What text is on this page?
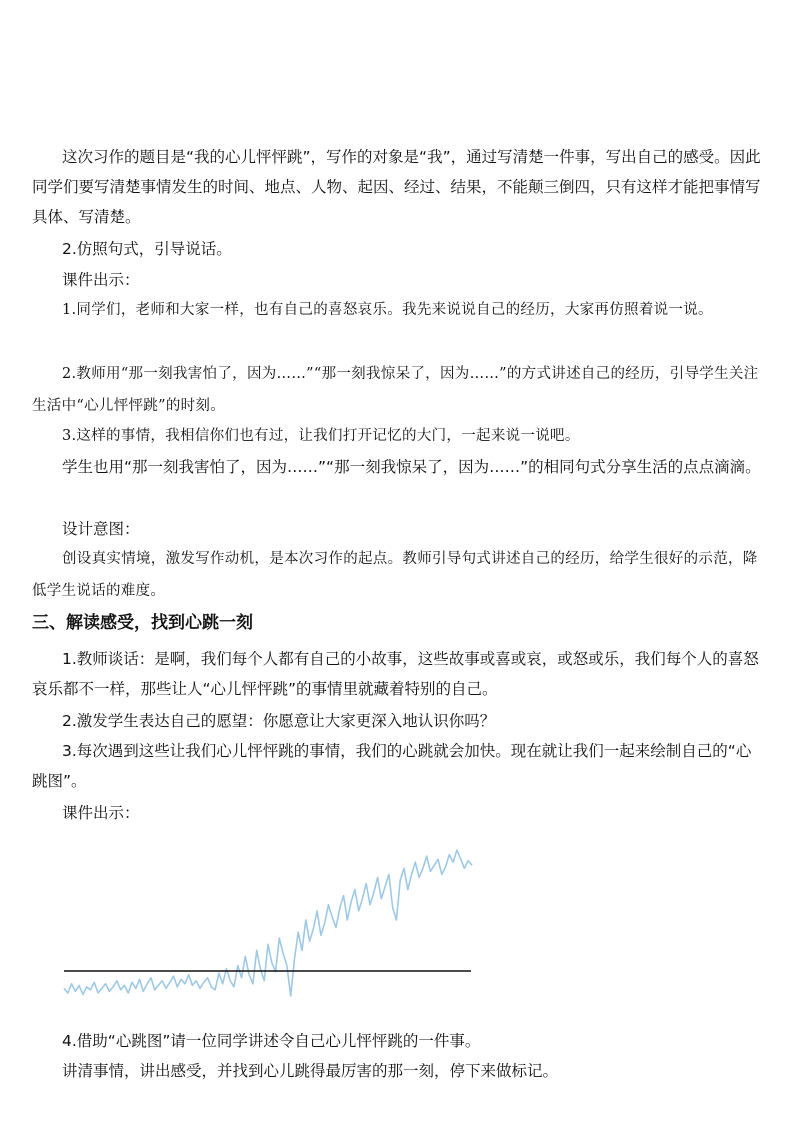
这次习作的题目是“我的心儿怦怦跳”，写作的对象是“我”，通过写清楚一件事，写出自己的感受。因此同学们要写清楚事情发生的时间、地点、人物、起因、经过、结果，不能颠三倒四，只有这样才能把事情写具体、写清楚。

2.仿照句式，引导说话。

课件出示：

1.同学们，老师和大家一样，也有自己的喜怒哀乐。我先来说说自己的经历，大家再仿照着说一说。

2.教师用“那一刻我害怕了，因为……”“那一刻我惊呆了，因为……”的方式讲述自己的经历，引导学生关注生活中“心儿怦怦跳”的时刻。

3.这样的事情，我相信你们也有过，让我们打开记忆的大门，一起来说一说吧。

学生也用“那一刻我害怕了，因为……”“那一刻我惊呆了，因为……”的相同句式分享生活的点点滴滴。

设计意图：

创设真实情境，激发写作动机，是本次习作的起点。教师引导句式讲述自己的经历，给学生很好的示范，降低学生说话的难度。

三、解读感受，找到心跳一刻

1.教师谈话：是啊，我们每个人都有自己的小故事，这些故事或喜或哀，或怒或乐，我们每个人的喜怒哀乐都不一样，那些让人“心儿怦怦跳”的事情里就藏着特别的自己。

2.激发学生表达自己的愿望：你愿意让大家更深入地认识你吗？

3.每次遇到这些让我们心儿怦怦跳的事情，我们的心跳就会加快。现在就让我们一起来绘制自己的“心跳图”。

课件出示：

4.借助“心跳图”请一位同学讲述令自己心儿怦怦跳的一件事。

讲清事情，讲出感受，并找到心儿跳得最厉害的那一刻，停下来做标记。
